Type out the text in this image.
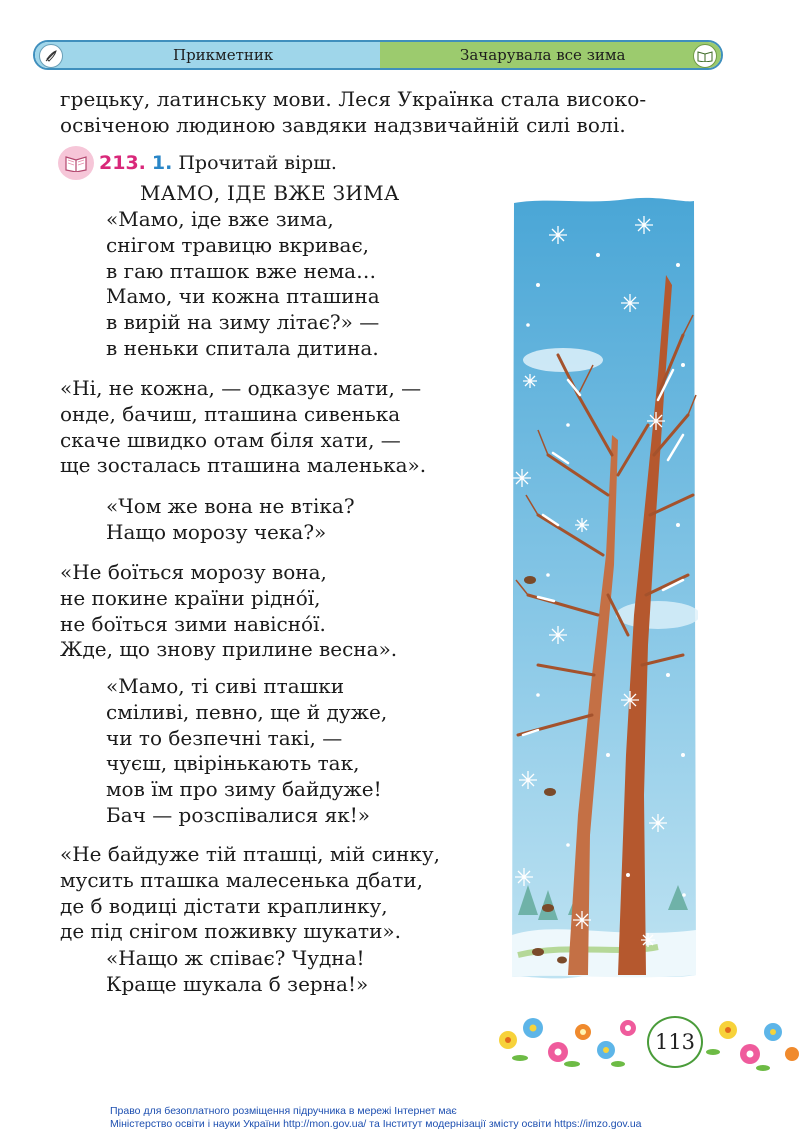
Прикметник	Зачарувала все зима
грецьку, латинську мови. Леся Українка стала високо-
освіченою людиною завдяки надзвичайній силі волі.
213. 1. Прочитай вірш.
МАМО, ІДЕ ВЖЕ ЗИМА
«Мамо, іде вже зима,
снігом травицю вкриває,
в гаю пташок вже нема…
Мамо, чи кожна пташина
в вирій на зиму літає?» —
в неньки спитала дитина.
«Ні, не кожна, — одказує мати, —
онде, бачиш, пташина сивенька
скаче швидко отам біля хати, —
ще зосталась пташина маленька».
«Чом же вона не втіка?
Нащо морозу чека?»
«Не боїться морозу вона,
не покине країни рідно́ї,
не боїться зими навісно́ї.
Жде, що знову прилине весна».
«Мамо, ті сиві пташки
сміливі, певно, ще й дуже,
чи то безпечні такі, —
чуєш, цвірінькають так,
мов їм про зиму байдуже!
Бач — розспівалися як!»
«Не байдуже тій пташці, мій синку,
мусить пташка малесенька дбати,
де б водиці дістати краплинку,
де під снігом поживку шукати».
«Нащо ж співає? Чудна!
Краще шукала б зерна!»
113
Право для безоплатного розміщення підручника в мережі Інтернет має
Міністерство освіти і науки України http://mon.gov.ua/ та Інститут модернізації змісту освіти https://imzo.gov.ua
